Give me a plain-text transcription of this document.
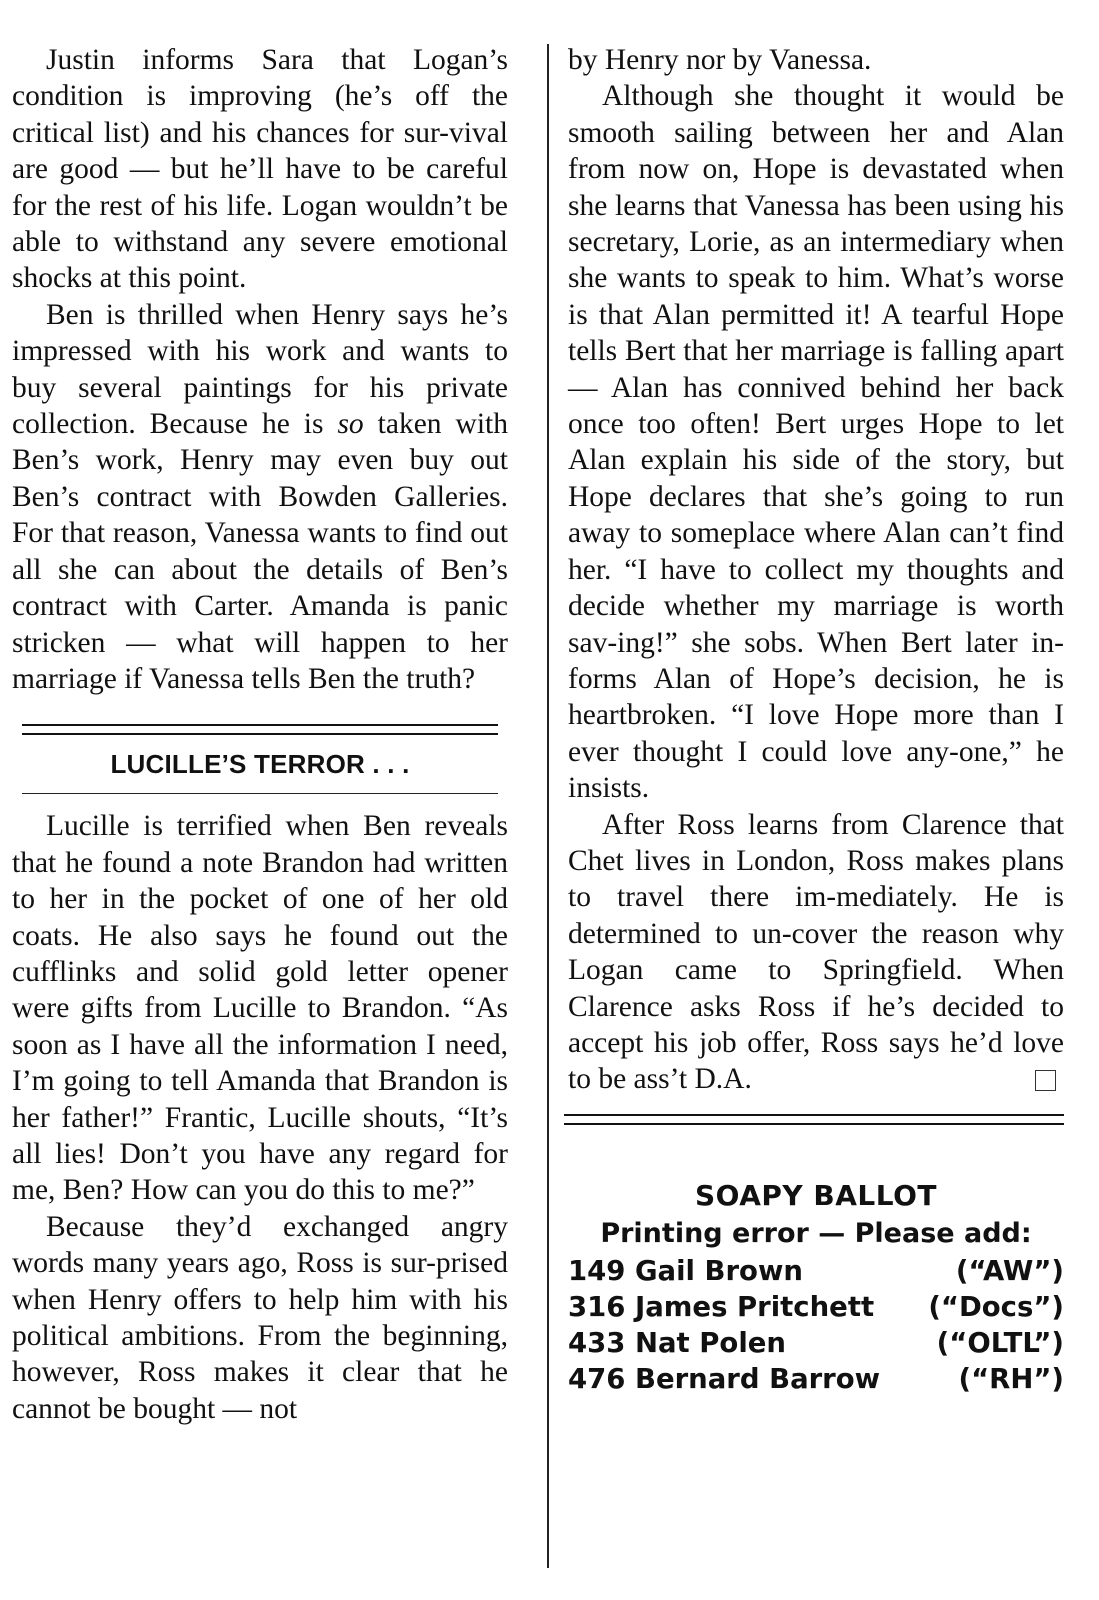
Justin informs Sara that Logan’s condition is improving (he’s off the critical list) and his chances for sur-vival are good — but he’ll have to be careful for the rest of his life. Logan wouldn’t be able to withstand any severe emotional shocks at this point.

Ben is thrilled when Henry says he’s impressed with his work and wants to buy several paintings for his private collection. Because he is so taken with Ben’s work, Henry may even buy out Ben’s contract with Bowden Galleries. For that reason, Vanessa wants to find out all she can about the details of Ben’s contract with Carter. Amanda is panic stricken — what will happen to her marriage if Vanessa tells Ben the truth?

LUCILLE’S TERROR . . .

Lucille is terrified when Ben reveals that he found a note Brandon had written to her in the pocket of one of her old coats. He also says he found out the cufflinks and solid gold letter opener were gifts from Lucille to Brandon. “As soon as I have all the information I need, I’m going to tell Amanda that Brandon is her father!” Frantic, Lucille shouts, “It’s all lies! Don’t you have any regard for me, Ben? How can you do this to me?”

Because they’d exchanged angry words many years ago, Ross is sur-prised when Henry offers to help him with his political ambitions. From the beginning, however, Ross makes it clear that he cannot be bought — not

by Henry nor by Vanessa.

Although she thought it would be smooth sailing between her and Alan from now on, Hope is devastated when she learns that Vanessa has been using his secretary, Lorie, as an intermediary when she wants to speak to him. What’s worse is that Alan permitted it! A tearful Hope tells Bert that her marriage is falling apart — Alan has connived behind her back once too often! Bert urges Hope to let Alan explain his side of the story, but Hope declares that she’s going to run away to someplace where Alan can’t find her. “I have to collect my thoughts and decide whether my marriage is worth sav-ing!” she sobs. When Bert later in-forms Alan of Hope’s decision, he is heartbroken. “I love Hope more than I ever thought I could love any-one,” he insists.

After Ross learns from Clarence that Chet lives in London, Ross makes plans to travel there im-mediately. He is determined to un-cover the reason why Logan came to Springfield. When Clarence asks Ross if he’s decided to accept his job offer, Ross says he’d love to be ass’t D.A.

SOAPY BALLOT
Printing error — Please add:
149 Gail Brown	(“AW”)
316 James Pritchett (“Docs”)
433 Nat Polen	(“OLTL”)
476 Bernard Barrow	(“RH”)
